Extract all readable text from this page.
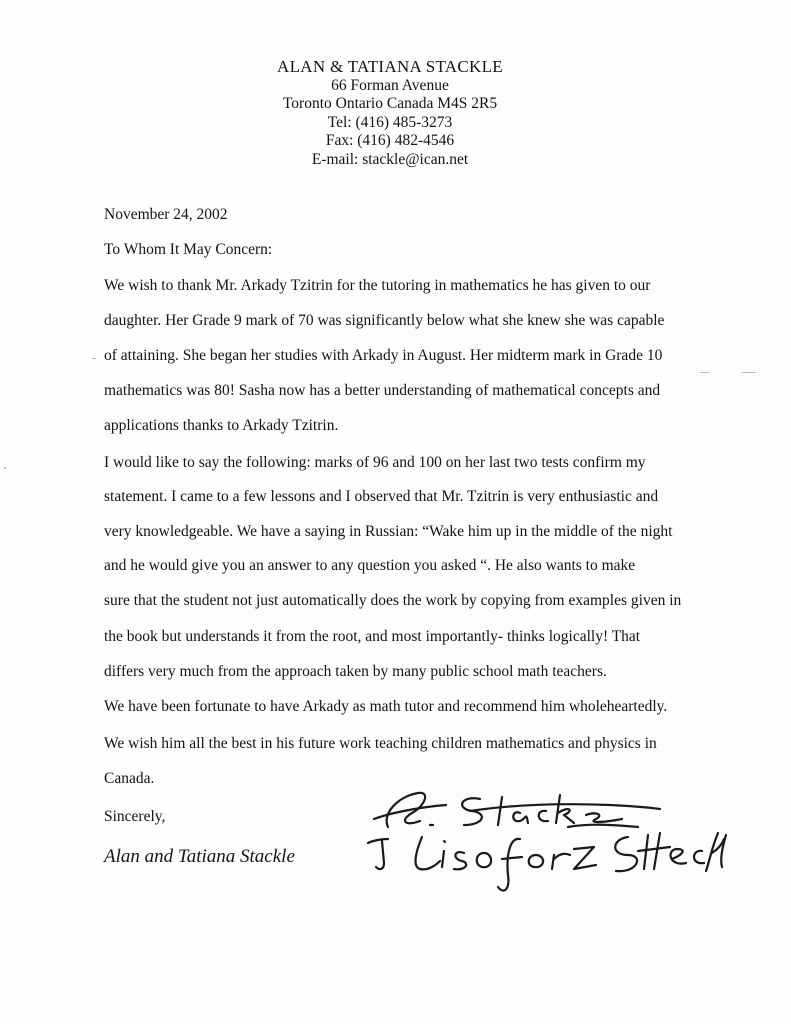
ALAN & TATIANA STACKLE
66 Forman Avenue
Toronto Ontario Canada M4S 2R5
Tel: (416) 485-3273
Fax: (416) 482-4546
E-mail: stackle@ican.net
November 24, 2002
To Whom It May Concern:
We wish to thank Mr. Arkady Tzitrin for the tutoring in mathematics he has given to our
daughter. Her Grade 9 mark of 70 was significantly below what she knew she was capable
of attaining. She began her studies with Arkady in August. Her midterm mark in Grade 10
mathematics was 80! Sasha now has a better understanding of mathematical concepts and
applications thanks to Arkady Tzitrin.
I would like to say the following: marks of 96 and 100 on her last two tests confirm my
statement. I came to a few lessons and I observed that Mr. Tzitrin is very enthusiastic and
very knowledgeable. We have a saying in Russian: “Wake him up in the middle of the night
and he would give you an answer to any question you asked “. He also wants to make
sure that the student not just automatically does the work by copying from examples given in
the book but understands it from the root, and most importantly- thinks logically! That
differs very much from the approach taken by many public school math teachers.
We have been fortunate to have Arkady as math tutor and recommend him wholeheartedly.
We wish him all the best in his future work teaching children mathematics and physics in
Canada.
Sincerely,
Alan and Tatiana Stackle
